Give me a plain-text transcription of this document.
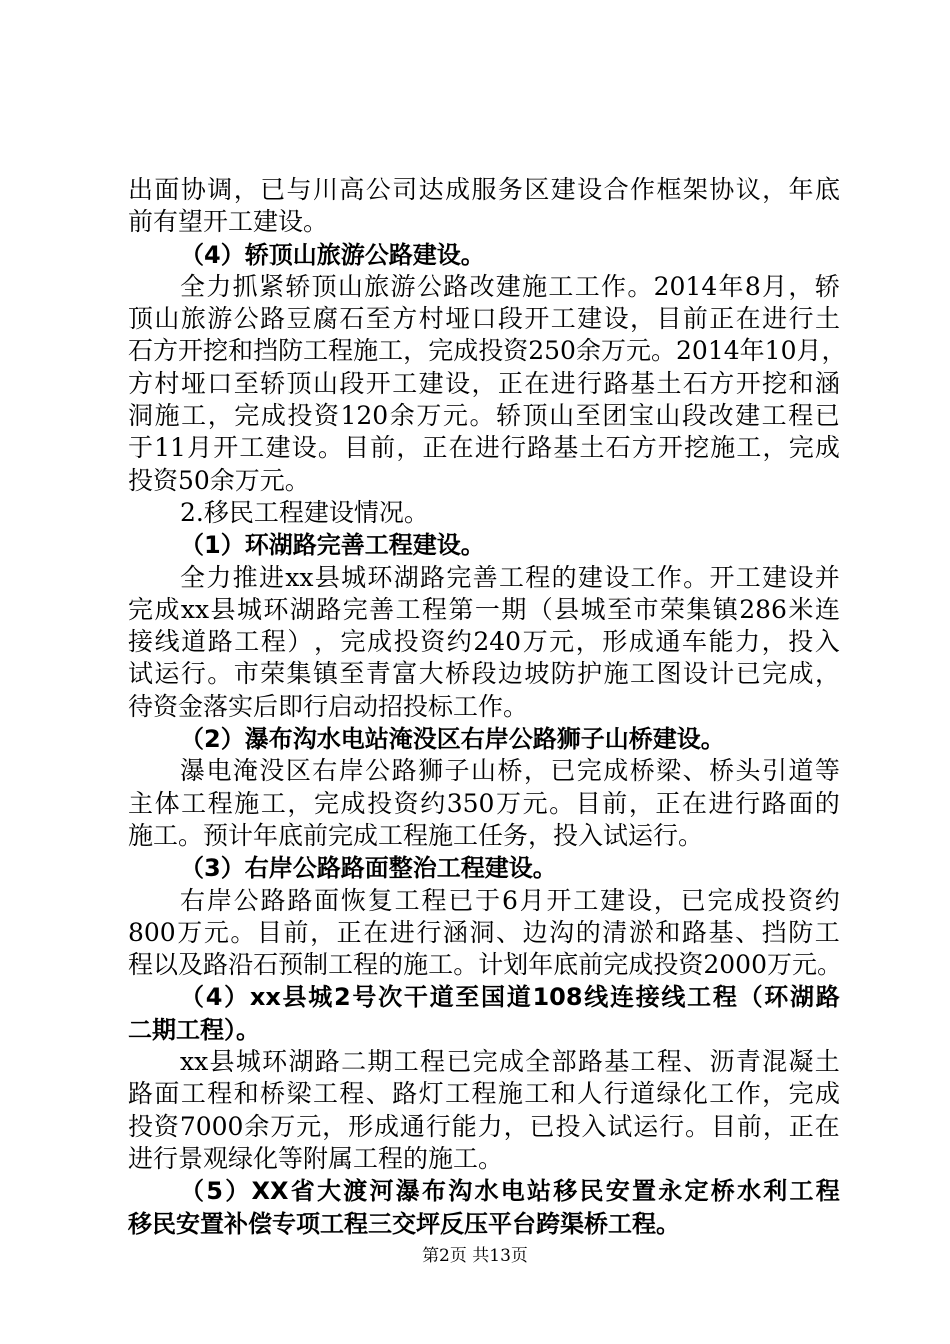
出 面 协 调 ， 已 与 川 高 公 司 达 成 服 务 区 建 设 合 作 框 架 协 议 ， 年 底
前有望开工建设。
（4）轿顶山旅游公路建设。
全 力 抓 紧 轿 顶 山 旅 游 公 路 改 建 施 工 工 作 。 2014 年 8 月 ， 轿
顶 山 旅 游 公 路 豆 腐 石 至 方 村 垭 口 段 开 工 建 设 ， 目 前 正 在 进 行 土
石 方 开 挖 和 挡 防 工 程 施 工 ， 完 成 投 资 250 余 万 元 。 2014 年 10 月 ，
方 村 垭 口 至 轿 顶 山 段 开 工 建 设 ， 正 在 进 行 路 基 土 石 方 开 挖 和 涵
洞 施 工 ， 完 成 投 资 120 余 万 元 。 轿 顶 山 至 团 宝 山 段 改 建 工 程 已
于 11 月 开 工 建 设 。 目 前 ， 正 在 进 行 路 基 土 石 方 开 挖 施 工 ， 完 成
投资50余万元。
2.移民工程建设情况。
（1）环湖路完善工程建设。
全 力 推 进 xx 县 城 环 湖 路 完 善 工 程 的 建 设 工 作 。 开 工 建 设 并
完 成 xx 县 城 环 湖 路 完 善 工 程 第 一 期 （ 县 城 至 市 荣 集 镇 286 米 连
接 线 道 路 工 程 ） ， 完 成 投 资 约 240 万 元 ， 形 成 通 车 能 力 ， 投 入
试 运 行 。 市 荣 集 镇 至 青 富 大 桥 段 边 坡 防 护 施 工 图 设 计 已 完 成 ，
待资金落实后即行启动招投标工作。
（2）瀑布沟水电站淹没区右岸公路狮子山桥建设。
瀑 电 淹 没 区 右 岸 公 路 狮 子 山 桥 ， 已 完 成 桥 梁 、 桥 头 引 道 等
主 体 工 程 施 工 ， 完 成 投 资 约 350 万 元 。 目 前 ， 正 在 进 行 路 面 的
施工。预计年底前完成工程施工任务，投入试运行。
（3）右岸公路路面整治工程建设。
右 岸 公 路 路 面 恢 复 工 程 已 于 6 月 开 工 建 设 ， 已 完 成 投 资 约
800 万 元 。 目 前 ， 正 在 进 行 涵 洞 、 边 沟 的 清 淤 和 路 基 、 挡 防 工
程 以 及 路 沿 石 预 制 工 程 的 施 工 。 计 划 年 底 前 完 成 投 资 2000 万 元 。
（ 4 ） xx 县 城 2 号 次 干 道 至 国 道 108 线 连 接 线 工 程 （ 环 湖 路
二期工程）。
xx 县 城 环 湖 路 二 期 工 程 已 完 成 全 部 路 基 工 程 、 沥 青 混 凝 土
路 面 工 程 和 桥 梁 工 程 、 路 灯 工 程 施 工 和 人 行 道 绿 化 工 作 ， 完 成
投 资 7000 余 万 元 ， 形 成 通 行 能 力 ， 已 投 入 试 运 行 。 目 前 ， 正 在
进行景观绿化等附属工程的施工。
（ 5 ） XX 省 大 渡 河 瀑 布 沟 水 电 站 移 民 安 置 永 定 桥 水 利 工 程
移民安置补偿专项工程三交坪反压平台跨渠桥工程。
第2页 共13页
